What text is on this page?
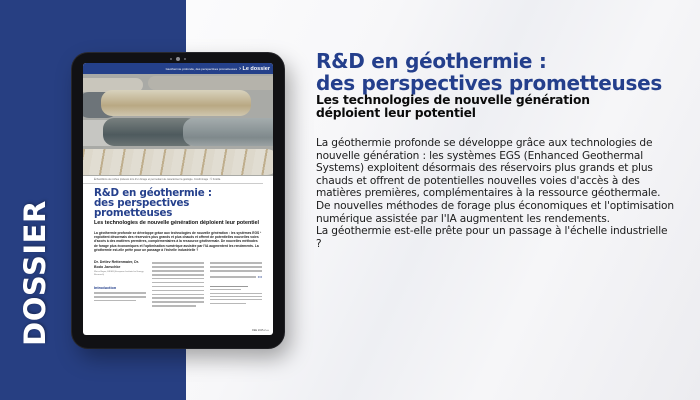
DOSSIER
Géothermie profonde, des perspectives prometteuses › Le dossier
Échantillons de roches prélevés lors d'un forage et permettant de caractériser la géologie. Crédit image : © Fotolia
R&D en géothermie :
des perspectives prometteuses
Les technologies de nouvelle génération déploient leur potentiel
La géothermie profonde se développe grâce aux technologies de nouvelle génération : les systèmes EGS ¹ exploitent désormais des réservoirs plus grands et plus chauds et offrent de potentielles nouvelles voies d'accès à des matières premières, complémentaires à la ressource géothermale. De nouvelles méthodes de forage plus économiques et l'optimisation numérique assistée par l'IA augmentent les rendements. La géothermie est-elle prête pour un passage à l'échelle industrielle ?
Dr. Detlev Rettenmaier, Dr. Bodo Jaeschke
Weiss Bayer, EIFER (European Institute for Energy Research)
Introduction
•••
REE 2025-2 ▪▪▪
R&D en géothermie :
des perspectives prometteuses
Les technologies de nouvelle génération déploient leur potentiel

La géothermie profonde se développe grâce aux technologies de nouvelle génération : les systèmes EGS (Enhanced Geothermal Systems) exploitent désormais des réservoirs plus grands et plus chauds et offrent de potentielles nouvelles voies d'accès à des matières premières, complémentaires à la ressource géothermale.

De nouvelles méthodes de forage plus économiques et l'optimisation numérique assistée par l'IA augmentent les rendements.

La géothermie est-elle prête pour un passage à l'échelle industrielle ?
